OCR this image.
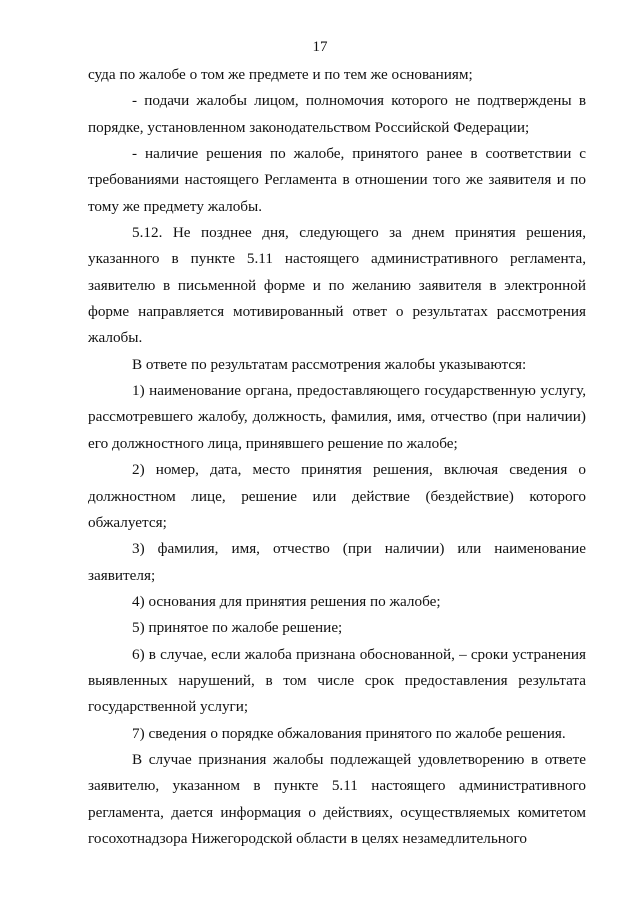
17

суда по жалобе о том же предмете и по тем же основаниям;

- подачи жалобы лицом, полномочия которого не подтверждены в порядке, установленном законодательством Российской Федерации;

- наличие решения по жалобе, принятого ранее в соответствии с требованиями настоящего Регламента в отношении того же заявителя и по тому же предмету жалобы.

5.12. Не позднее дня, следующего за днем принятия решения, указанного в пункте 5.11 настоящего административного регламента, заявителю в письменной форме и по желанию заявителя в электронной форме направляется мотивированный ответ о результатах рассмотрения жалобы.

В ответе по результатам рассмотрения жалобы указываются:

1) наименование органа, предоставляющего государственную услугу, рассмотревшего жалобу, должность, фамилия, имя, отчество (при наличии) его должностного лица, принявшего решение по жалобе;

2) номер, дата, место принятия решения, включая сведения о должностном лице, решение или действие (бездействие) которого обжалуется;

3) фамилия, имя, отчество (при наличии) или наименование заявителя;

4) основания для принятия решения по жалобе;

5) принятое по жалобе решение;

6) в случае, если жалоба признана обоснованной, – сроки устранения выявленных нарушений, в том числе срок предоставления результата государственной услуги;

7) сведения о порядке обжалования принятого по жалобе решения.

В случае признания жалобы подлежащей удовлетворению в ответе заявителю, указанном в пункте 5.11 настоящего административного регламента, дается информация о действиях, осуществляемых комитетом госохотнадзора Нижегородской области в целях незамедлительного
